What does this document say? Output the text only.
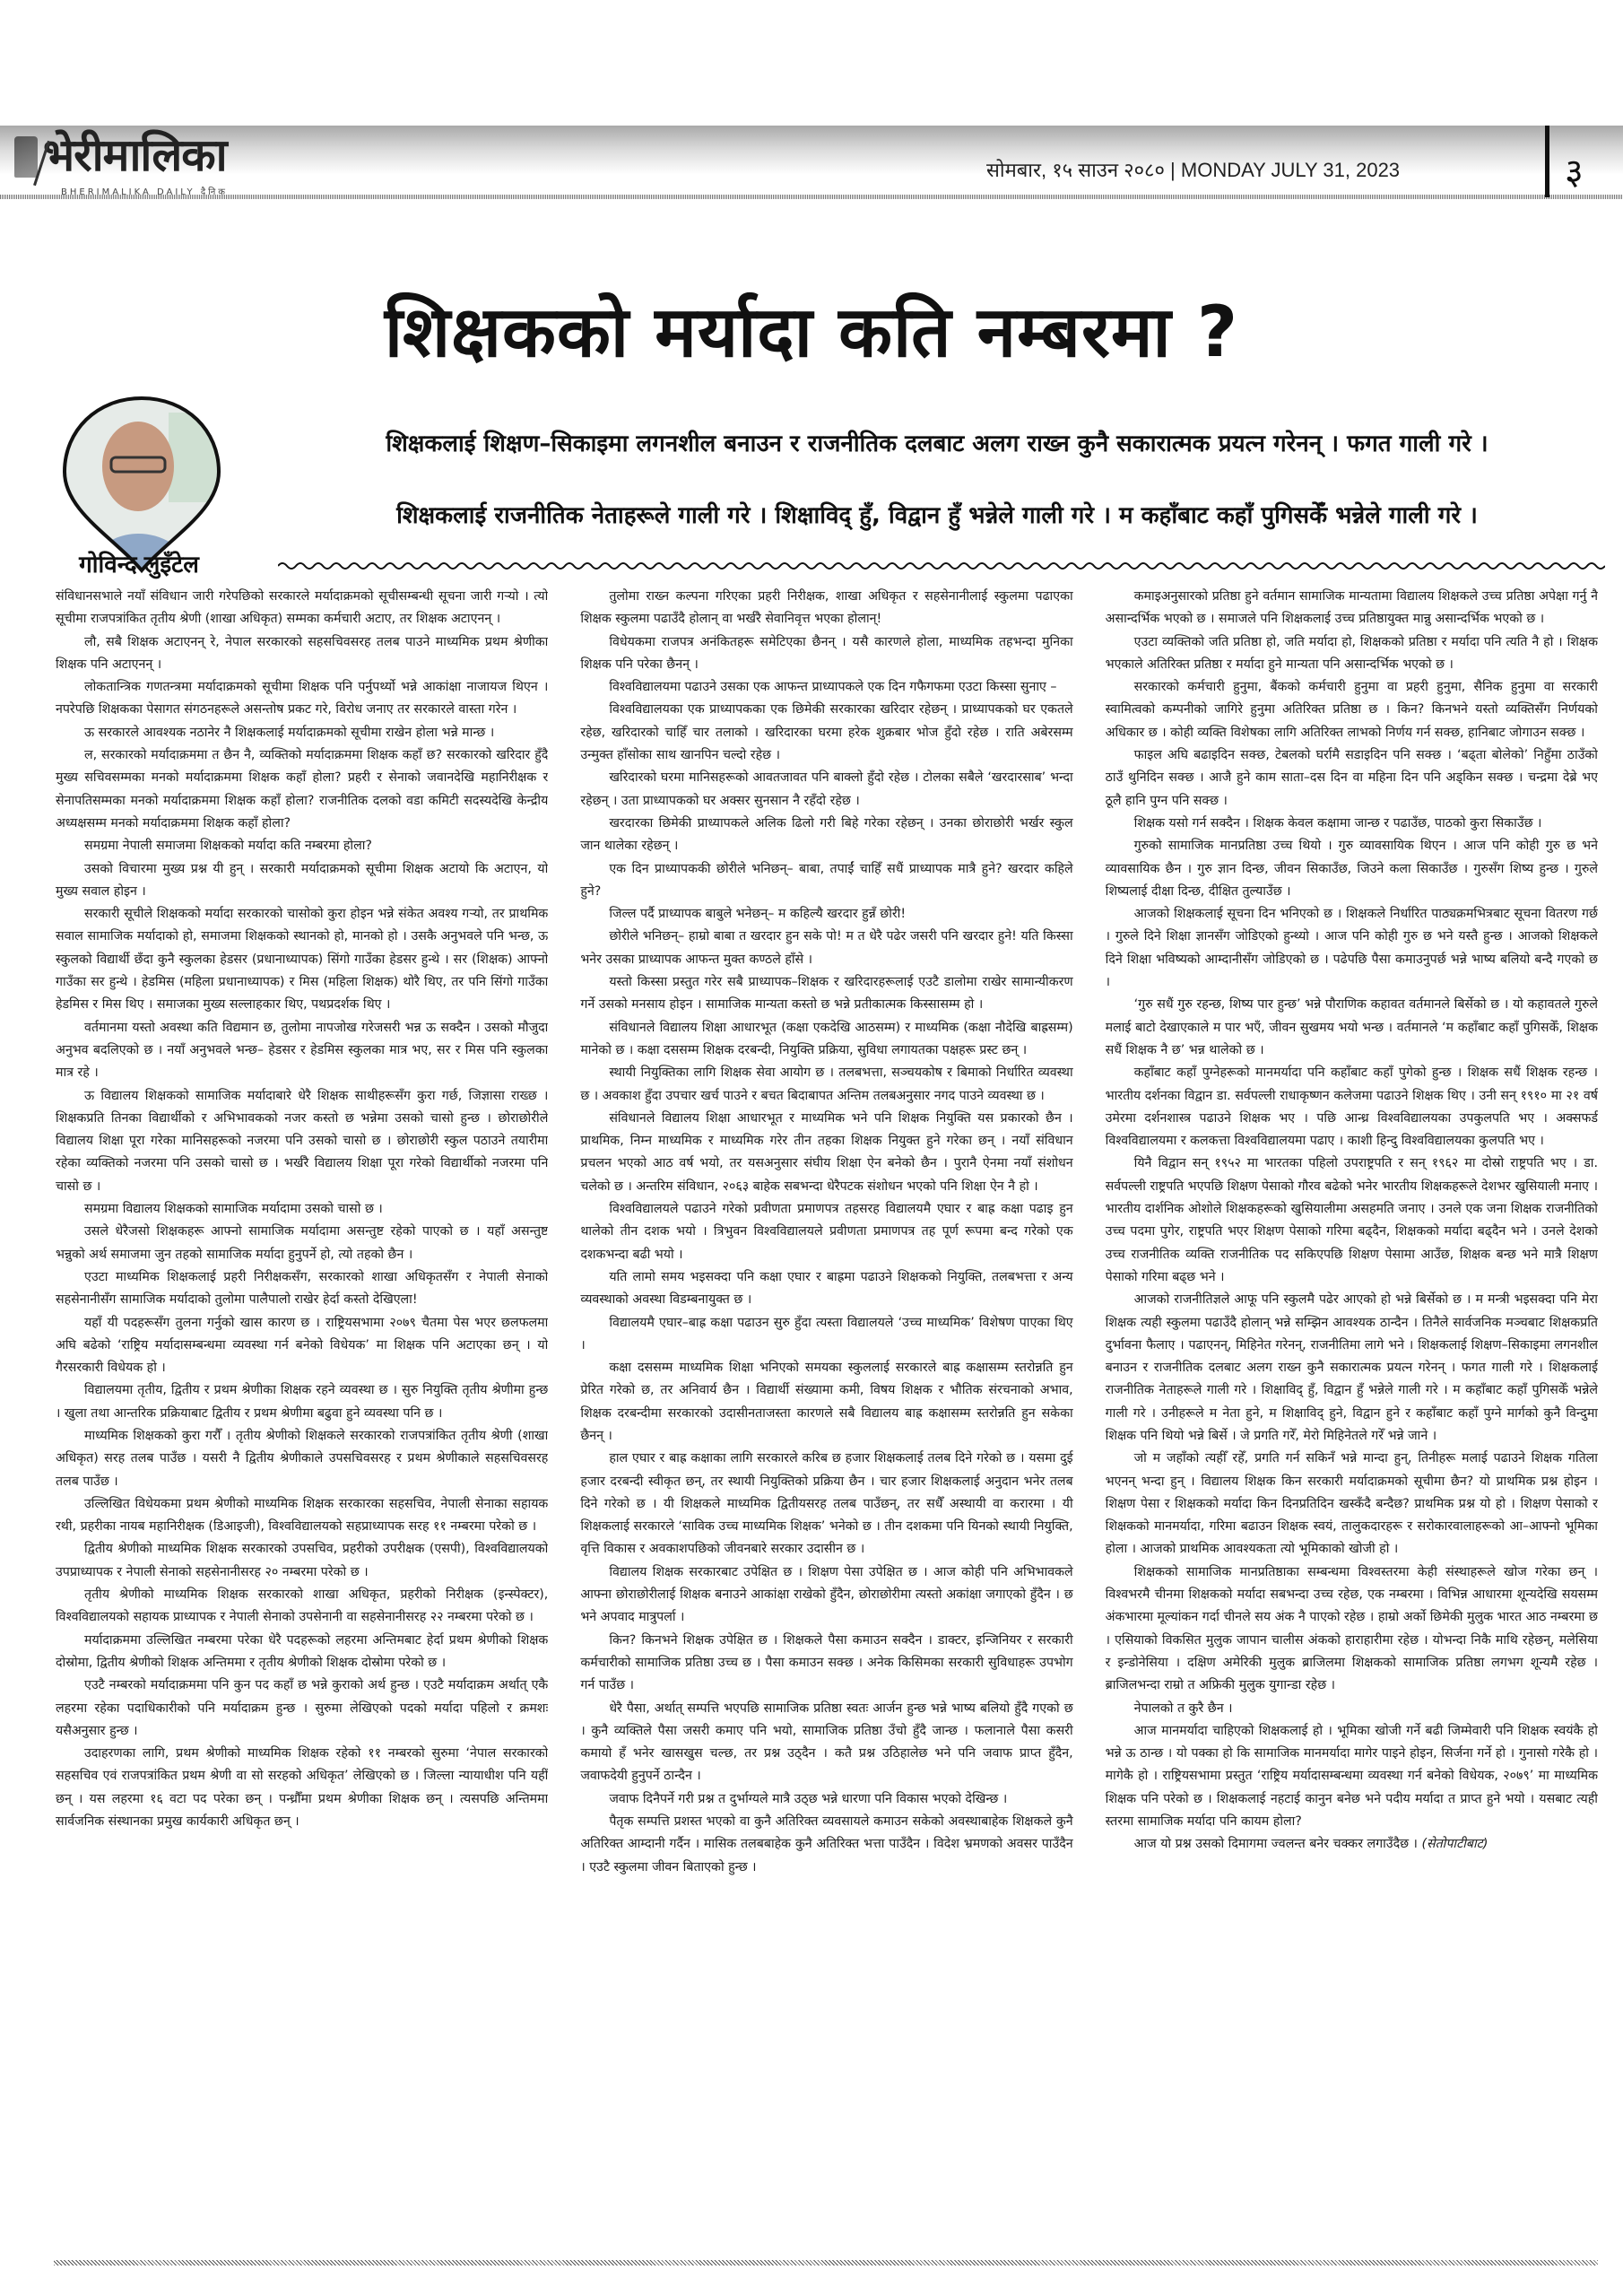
भेरीमालिका
BHERIMALIKA DAILY दैनिक
सोमबार, १५ साउन २०८० | MONDAY JULY 31, 2023	३
शिक्षकको मर्यादा कति नम्बरमा ?
गोविन्द लुइँटेल
शिक्षकलाई शिक्षण–सिकाइमा लगनशील बनाउन र राजनीतिक दलबाट अलग राख्न कुनै सकारात्मक प्रयत्न गरेनन् । फगत गाली गरे ।
शिक्षकलाई राजनीतिक नेताहरूले गाली गरे । शिक्षाविद् हुँ, विद्वान हुँ भन्नेले गाली गरे । म कहाँबाट कहाँ पुगिसकेँ भन्नेले गाली गरे ।

संविधानसभाले नयाँ संविधान जारी गरेपछिको सरकारले मर्यादाक्रमको सूचीसम्बन्धी सूचना जारी गर्‍यो । त्यो सूचीमा राजपत्रांकित तृतीय श्रेणी (शाखा अधिकृत) सम्मका कर्मचारी अटाए, तर शिक्षक अटाएनन् ।

लौ, सबै शिक्षक अटाएनन् रे, नेपाल सरकारको सहसचिवसरह तलब पाउने माध्यमिक प्रथम श्रेणीका शिक्षक पनि अटाएनन् ।

लोकतान्त्रिक गणतन्त्रमा मर्यादाक्रमको सूचीमा शिक्षक पनि पर्नुपर्थ्यो भन्ने आकांक्षा नाजायज थिएन । नपरेपछि शिक्षकका पेसागत संगठनहरूले असन्तोष प्रकट गरे, विरोध जनाए तर सरकारले वास्ता गरेन ।

ऊ सरकारले आवश्यक नठानेर नै शिक्षकलाई मर्यादाक्रमको सूचीमा राखेन होला भन्ने मान्छ ।

ल, सरकारको मर्यादाक्रममा त छैन नै, व्यक्तिको मर्यादाक्रममा शिक्षक कहाँ छ? सरकारको खरिदार हुँदै मुख्य सचिवसम्मका मनको मर्यादाक्रममा शिक्षक कहाँ होला? प्रहरी र सेनाको जवानदेखि महानिरीक्षक र सेनापतिसम्मका मनको मर्यादाक्रममा शिक्षक कहाँ होला? राजनीतिक दलको वडा कमिटी सदस्यदेखि केन्द्रीय अध्यक्षसम्म मनको मर्यादाक्रममा शिक्षक कहाँ होला?

समग्रमा नेपाली समाजमा शिक्षकको मर्यादा कति नम्बरमा होला?

उसको विचारमा मुख्य प्रश्न यी हुन् । सरकारी मर्यादाक्रमको सूचीमा शिक्षक अटायो कि अटाएन, यो मुख्य सवाल होइन ।

सरकारी सूचीले शिक्षकको मर्यादा सरकारको चासोको कुरा होइन भन्ने संकेत अवश्य गर्‍यो, तर प्राथमिक सवाल सामाजिक मर्यादाको हो, समाजमा शिक्षकको स्थानको हो, मानको हो । उसकै अनुभवले पनि भन्छ, ऊ स्कुलको विद्यार्थी छँदा कुनै स्कुलका हेडसर (प्रधानाध्यापक) सिंगो गाउँका हेडसर हुन्थे । सर (शिक्षक) आफ्नो गाउँका सर हुन्थे । हेडमिस (महिला प्रधानाध्यापक) र मिस (महिला शिक्षक) थोरै थिए, तर पनि सिंगो गाउँका हेडमिस र मिस थिए । समाजका मुख्य सल्लाहकार थिए, पथप्रदर्शक थिए ।

वर्तमानमा यस्तो अवस्था कति विद्यमान छ, तुलोमा नापजोख गरेजसरी भन्न ऊ सक्दैन । उसको मौजुदा अनुभव बदलिएको छ । नयाँ अनुभवले भन्छ– हेडसर र हेडमिस स्कुलका मात्र भए, सर र मिस पनि स्कुलका मात्र रहे ।

ऊ विद्यालय शिक्षकको सामाजिक मर्यादाबारे धेरै शिक्षक साथीहरूसँग कुरा गर्छ, जिज्ञासा राख्छ । शिक्षकप्रति तिनका विद्यार्थीको र अभिभावकको नजर कस्तो छ भन्नेमा उसको चासो हुन्छ । छोराछोरीले विद्यालय शिक्षा पूरा गरेका मानिसहरूको नजरमा पनि उसको चासो छ । छोराछोरी स्कुल पठाउने तयारीमा रहेका व्यक्तिको नजरमा पनि उसको चासो छ । भर्खरै विद्यालय शिक्षा पूरा गरेको विद्यार्थीको नजरमा पनि चासो छ ।

समग्रमा विद्यालय शिक्षकको सामाजिक मर्यादामा उसको चासो छ ।

उसले धेरैजसो शिक्षकहरू आफ्नो सामाजिक मर्यादामा असन्तुष्ट रहेको पाएको छ । यहाँ असन्तुष्ट भन्नुको अर्थ समाजमा जुन तहको सामाजिक मर्यादा हुनुपर्ने हो, त्यो तहको छैन ।

एउटा माध्यमिक शिक्षकलाई प्रहरी निरीक्षकसँग, सरकारको शाखा अधिकृतसँग र नेपाली सेनाको सहसेनानीसँग सामाजिक मर्यादाको तुलोमा पालैपालो राखेर हेर्दा कस्तो देखिएला!

यहाँ यी पदहरूसँग तुलना गर्नुको खास कारण छ । राष्ट्रियसभामा २०७९ चैतमा पेस भएर छलफलमा अघि बढेको ‘राष्ट्रिय मर्यादासम्बन्धमा व्यवस्था गर्न बनेको विधेयक’ मा शिक्षक पनि अटाएका छन् । यो गैरसरकारी विधेयक हो ।

विद्यालयमा तृतीय, द्वितीय र प्रथम श्रेणीका शिक्षक रहने व्यवस्था छ । सुरु नियुक्ति तृतीय श्रेणीमा हुन्छ । खुला तथा आन्तरिक प्रक्रियाबाट द्वितीय र प्रथम श्रेणीमा बढुवा हुने व्यवस्था पनि छ ।

माध्यमिक शिक्षकको कुरा गरौँ । तृतीय श्रेणीको शिक्षकले सरकारको राजपत्रांकित तृतीय श्रेणी (शाखा अधिकृत) सरह तलब पाउँछ । यसरी नै द्वितीय श्रेणीकाले उपसचिवसरह र प्रथम श्रेणीकाले सहसचिवसरह तलब पाउँछ ।

उल्लिखित विधेयकमा प्रथम श्रेणीको माध्यमिक शिक्षक सरकारका सहसचिव, नेपाली सेनाका सहायक रथी, प्रहरीका नायब महानिरीक्षक (डिआइजी), विश्वविद्यालयको सहप्राध्यापक सरह ११ नम्बरमा परेको छ ।

द्वितीय श्रेणीको माध्यमिक शिक्षक सरकारको उपसचिव, प्रहरीको उपरीक्षक (एसपी), विश्वविद्यालयको उपप्राध्यापक र नेपाली सेनाको सहसेनानीसरह २० नम्बरमा परेको छ ।

तृतीय श्रेणीको माध्यमिक शिक्षक सरकारको शाखा अधिकृत, प्रहरीको निरीक्षक (इन्स्पेक्टर), विश्वविद्यालयको सहायक प्राध्यापक र नेपाली सेनाको उपसेनानी वा सहसेनानीसरह २२ नम्बरमा परेको छ ।

मर्यादाक्रममा उल्लिखित नम्बरमा परेका धेरै पदहरूको लहरमा अन्तिमबाट हेर्दा प्रथम श्रेणीको शिक्षक दोस्रोमा, द्वितीय श्रेणीको शिक्षक अन्तिममा र तृतीय श्रेणीको शिक्षक दोस्रोमा परेको छ ।

एउटै नम्बरको मर्यादाक्रममा पनि कुन पद कहाँ छ भन्ने कुराको अर्थ हुन्छ । एउटै मर्यादाक्रम अर्थात् एकै लहरमा रहेका पदाधिकारीको पनि मर्यादाक्रम हुन्छ । सुरुमा लेखिएको पदको मर्यादा पहिलो र क्रमशः यसैअनुसार हुन्छ ।

उदाहरणका लागि, प्रथम श्रेणीको माध्यमिक शिक्षक रहेको ११ नम्बरको सुरुमा ‘नेपाल सरकारको सहसचिव एवं राजपत्रांकित प्रथम श्रेणी वा सो सरहको अधिकृत’ लेखिएको छ । जिल्ला न्यायाधीश पनि यहीँ छन् । यस लहरमा १६ वटा पद परेका छन् । पन्ध्रौँमा प्रथम श्रेणीका शिक्षक छन् । त्यसपछि अन्तिममा सार्वजनिक संस्थानका प्रमुख कार्यकारी अधिकृत छन् ।

तुलोमा राख्न कल्पना गरिएका प्रहरी निरीक्षक, शाखा अधिकृत र सहसेनानीलाई स्कुलमा पढाएका शिक्षक स्कुलमा पढाउँदै होलान् वा भर्खरै सेवानिवृत्त भएका होलान्!

विधेयकमा राजपत्र अनंकितहरू समेटिएका छैनन् । यसै कारणले होला, माध्यमिक तहभन्दा मुनिका शिक्षक पनि परेका छैनन् ।

विश्वविद्यालयमा पढाउने उसका एक आफन्त प्राध्यापकले एक दिन गफैगफमा एउटा किस्सा सुनाए –

विश्वविद्यालयका एक प्राध्यापकका एक छिमेकी सरकारका खरिदार रहेछन् । प्राध्यापकको घर एकतले रहेछ, खरिदारको चाहिँ चार तलाको । खरिदारका घरमा हरेक शुक्रबार भोज हुँदो रहेछ । राति अबेरसम्म उन्मुक्त हाँसोका साथ खानपिन चल्दो रहेछ ।

खरिदारको घरमा मानिसहरूको आवतजावत पनि बाक्लो हुँदो रहेछ । टोलका सबैले ‘खरदारसाब’ भन्दा रहेछन् । उता प्राध्यापकको घर अक्सर सुनसान नै रहँदो रहेछ ।

खरदारका छिमेकी प्राध्यापकले अलिक ढिलो गरी बिहे गरेका रहेछन् । उनका छोराछोरी भर्खर स्कुल जान थालेका रहेछन् ।

एक दिन प्राध्यापककी छोरीले भनिछन्– बाबा, तपाईं चाहिँ सधैं प्राध्यापक मात्रै हुने? खरदार कहिले हुने?

जिल्ल पर्दै प्राध्यापक बाबुले भनेछन्– म कहिल्यै खरदार हुन्नँ छोरी!

छोरीले भनिछन्– हाम्रो बाबा त खरदार हुन सके पो! म त धेरै पढेर जसरी पनि खरदार हुने! यति किस्सा भनेर उसका प्राध्यापक आफन्त मुक्त कण्ठले हाँसे ।

यस्तो किस्सा प्रस्तुत गरेर सबै प्राध्यापक–शिक्षक र खरिदारहरूलाई एउटै डालोमा राखेर सामान्यीकरण गर्ने उसको मनसाय होइन । सामाजिक मान्यता कस्तो छ भन्ने प्रतीकात्मक किस्सासम्म हो ।

संविधानले विद्यालय शिक्षा आधारभूत (कक्षा एकदेखि आठसम्म) र माध्यमिक (कक्षा नौदेखि बाह्रसम्म) मानेको छ । कक्षा दससम्म शिक्षक दरबन्दी, नियुक्ति प्रक्रिया, सुविधा लगायतका पक्षहरू प्रस्ट छन् ।

स्थायी नियुक्तिका लागि शिक्षक सेवा आयोग छ । तलबभत्ता, सञ्चयकोष र बिमाको निर्धारित व्यवस्था छ । अवकाश हुँदा उपचार खर्च पाउने र बचत बिदाबापत अन्तिम तलबअनुसार नगद पाउने व्यवस्था छ ।

संविधानले विद्यालय शिक्षा आधारभूत र माध्यमिक भने पनि शिक्षक नियुक्ति यस प्रकारको छैन । प्राथमिक, निम्न माध्यमिक र माध्यमिक गरेर तीन तहका शिक्षक नियुक्त हुने गरेका छन् । नयाँ संविधान प्रचलन भएको आठ वर्ष भयो, तर यसअनुसार संघीय शिक्षा ऐन बनेको छैन । पुरानै ऐनमा नयाँ संशोधन चलेको छ । अन्तरिम संविधान, २०६३ बाहेक सबभन्दा धेरैपटक संशोधन भएको पनि शिक्षा ऐन नै हो ।

विश्वविद्यालयले पढाउने गरेको प्रवीणता प्रमाणपत्र तहसरह विद्यालयमै एघार र बाह्र कक्षा पढाइ हुन थालेको तीन दशक भयो । त्रिभुवन विश्वविद्यालयले प्रवीणता प्रमाणपत्र तह पूर्ण रूपमा बन्द गरेको एक दशकभन्दा बढी भयो ।

यति लामो समय भइसक्दा पनि कक्षा एघार र बाह्रमा पढाउने शिक्षकको नियुक्ति, तलबभत्ता र अन्य व्यवस्थाको अवस्था विडम्बनायुक्त छ ।

विद्यालयमै एघार–बाह्र कक्षा पढाउन सुरु हुँदा त्यस्ता विद्यालयले ‘उच्च माध्यमिक’ विशेषण पाएका थिए ।

कक्षा दससम्म माध्यमिक शिक्षा भनिएको समयका स्कुललाई सरकारले बाह्र कक्षासम्म स्तरोन्नति हुन प्रेरित गरेको छ, तर अनिवार्य छैन । विद्यार्थी संख्यामा कमी, विषय शिक्षक र भौतिक संरचनाको अभाव, शिक्षक दरबन्दीमा सरकारको उदासीनताजस्ता कारणले सबै विद्यालय बाह्र कक्षासम्म स्तरोन्नति हुन सकेका छैनन् ।

हाल एघार र बाह्र कक्षाका लागि सरकारले करिब छ हजार शिक्षकलाई तलब दिने गरेको छ । यसमा दुई हजार दरबन्दी स्वीकृत छन्, तर स्थायी नियुक्तिको प्रक्रिया छैन । चार हजार शिक्षकलाई अनुदान भनेर तलब दिने गरेको छ । यी शिक्षकले माध्यमिक द्वितीयसरह तलब पाउँछन्, तर सधैँ अस्थायी वा करारमा । यी शिक्षकलाई सरकारले ‘साविक उच्च माध्यमिक शिक्षक’ भनेको छ । तीन दशकमा पनि यिनको स्थायी नियुक्ति, वृत्ति विकास र अवकाशपछिको जीवनबारे सरकार उदासीन छ ।

विद्यालय शिक्षक सरकारबाट उपेक्षित छ । शिक्षण पेसा उपेक्षित छ । आज कोही पनि अभिभावकले आफ्ना छोराछोरीलाई शिक्षक बनाउने आकांक्षा राखेको हुँदैन, छोराछोरीमा त्यस्तो अकांक्षा जगाएको हुँदैन । छ भने अपवाद मात्रुपर्ला ।

किन? किनभने शिक्षक उपेक्षित छ । शिक्षकले पैसा कमाउन सक्दैन । डाक्टर, इन्जिनियर र सरकारी कर्मचारीको सामाजिक प्रतिष्ठा उच्च छ । पैसा कमाउन सक्छ । अनेक किसिमका सरकारी सुविधाहरू उपभोग गर्न पाउँछ ।

धेरै पैसा, अर्थात् सम्पत्ति भएपछि सामाजिक प्रतिष्ठा स्वतः आर्जन हुन्छ भन्ने भाष्य बलियो हुँदै गएको छ । कुनै व्यक्तिले पैसा जसरी कमाए पनि भयो, सामाजिक प्रतिष्ठा उँचो हुँदै जान्छ । फलानाले पैसा कसरी कमायो हँ भनेर खासखुस चल्छ, तर प्रश्न उठ्दैन । कतै प्रश्न उठिहालेछ भने पनि जवाफ प्राप्त हुँदैन, जवाफदेयी हुनुपर्ने ठान्दैन ।

जवाफ दिनैपर्ने गरी प्रश्न त दुर्भाग्यले मात्रै उठ्छ भन्ने धारणा पनि विकास भएको देखिन्छ ।

पैतृक सम्पत्ति प्रशस्त भएको वा कुनै अतिरिक्त व्यवसायले कमाउन सकेको अवस्थाबाहेक शिक्षकले कुनै अतिरिक्त आम्दानी गर्दैन । मासिक तलबबाहेक कुनै अतिरिक्त भत्ता पाउँदैन । विदेश भ्रमणको अवसर पाउँदैन । एउटै स्कुलमा जीवन बिताएको हुन्छ ।

कमाइअनुसारको प्रतिष्ठा हुने वर्तमान सामाजिक मान्यतामा विद्यालय शिक्षकले उच्च प्रतिष्ठा अपेक्षा गर्नु नै असान्दर्भिक भएको छ । समाजले पनि शिक्षकलाई उच्च प्रतिष्ठायुक्त मान्नु असान्दर्भिक भएको छ ।

एउटा व्यक्तिको जति प्रतिष्ठा हो, जति मर्यादा हो, शिक्षकको प्रतिष्ठा र मर्यादा पनि त्यति नै हो । शिक्षक भएकाले अतिरिक्त प्रतिष्ठा र मर्यादा हुने मान्यता पनि असान्दर्भिक भएको छ ।

सरकारको कर्मचारी हुनुमा, बैंकको कर्मचारी हुनुमा वा प्रहरी हुनुमा, सैनिक हुनुमा वा सरकारी स्वामित्वको कम्पनीको जागिरे हुनुमा अतिरिक्त प्रतिष्ठा छ । किन? किनभने यस्तो व्यक्तिसँग निर्णयको अधिकार छ । कोही व्यक्ति विशेषका लागि अतिरिक्त लाभको निर्णय गर्न सक्छ, हानिबाट जोगाउन सक्छ ।

फाइल अघि बढाइदिन सक्छ, टेबलको घर्रामै सडाइदिन पनि सक्छ । ‘बढ्ता बोलेको’ निहुँमा ठाउँको ठाउँ थुनिदिन सक्छ । आजै हुने काम साता–दस दिन वा महिना दिन पनि अड्किन सक्छ । चन्द्रमा देब्रे भए ठूलै हानि पुग्न पनि सक्छ ।

शिक्षक यसो गर्न सक्दैन । शिक्षक केवल कक्षामा जान्छ र पढाउँछ, पाठको कुरा सिकाउँछ ।

गुरुको सामाजिक मानप्रतिष्ठा उच्च थियो । गुरु व्यावसायिक थिएन । आज पनि कोही गुरु छ भने व्यावसायिक छैन । गुरु ज्ञान दिन्छ, जीवन सिकाउँछ, जिउने कला सिकाउँछ । गुरुसँग शिष्य हुन्छ । गुरुले शिष्यलाई दीक्षा दिन्छ, दीक्षित तुल्याउँछ ।

आजको शिक्षकलाई सूचना दिन भनिएको छ । शिक्षकले निर्धारित पाठ्यक्रमभित्रबाट सूचना वितरण गर्छ । गुरुले दिने शिक्षा ज्ञानसँग जोडिएको हुन्थ्यो । आज पनि कोही गुरु छ भने यस्तै हुन्छ । आजको शिक्षकले दिने शिक्षा भविष्यको आम्दानीसँग जोडिएको छ । पढेपछि पैसा कमाउनुपर्छ भन्ने भाष्य बलियो बन्दै गएको छ ।

‘गुरु सधैं गुरु रहन्छ, शिष्य पार हुन्छ’ भन्ने पौराणिक कहावत वर्तमानले बिर्सेको छ । यो कहावतले गुरुले मलाई बाटो देखाएकाले म पार भएँ, जीवन सुखमय भयो भन्छ । वर्तमानले ‘म कहाँबाट कहाँ पुगिसकेँ, शिक्षक सधैं शिक्षक नै छ’ भन्न थालेको छ ।

कहाँबाट कहाँ पुग्नेहरूको मानमर्यादा पनि कहाँबाट कहाँ पुगेको हुन्छ । शिक्षक सधैं शिक्षक रहन्छ । भारतीय दर्शनका विद्वान डा. सर्वपल्ली राधाकृष्णन कलेजमा पढाउने शिक्षक थिए । उनी सन् १९१० मा २१ वर्ष उमेरमा दर्शनशास्त्र पढाउने शिक्षक भए । पछि आन्ध्र विश्वविद्यालयका उपकुलपति भए । अक्सफर्ड विश्वविद्यालयमा र कलकत्ता विश्वविद्यालयमा पढाए । काशी हिन्दु विश्वविद्यालयका कुलपति भए ।

यिनै विद्वान सन् १९५२ मा भारतका पहिलो उपराष्ट्रपति र सन् १९६२ मा दोस्रो राष्ट्रपति भए । डा. सर्वपल्ली राष्ट्रपति भएपछि शिक्षण पेसाको गौरव बढेको भनेर भारतीय शिक्षकहरूले देशभर खुसियाली मनाए । भारतीय दार्शनिक ओशोले शिक्षकहरूको खुसियालीमा असहमति जनाए । उनले एक जना शिक्षक राजनीतिको उच्च पदमा पुगेर, राष्ट्रपति भएर शिक्षण पेसाको गरिमा बढ्दैन, शिक्षकको मर्यादा बढ्दैन भने । उनले देशको उच्च राजनीतिक व्यक्ति राजनीतिक पद सकिएपछि शिक्षण पेसामा आउँछ, शिक्षक बन्छ भने मात्रै शिक्षण पेसाको गरिमा बढ्छ भने ।

आजको राजनीतिज्ञले आफू पनि स्कुलमै पढेर आएको हो भन्ने बिर्सेको छ । म मन्त्री भइसक्दा पनि मेरा शिक्षक त्यही स्कुलमा पढाउँदै होलान् भन्ने सम्झिन आवश्यक ठान्दैन । तिनैले सार्वजनिक मञ्चबाट शिक्षकप्रति दुर्भावना फैलाए । पढाएनन्, मिहिनेत गरेनन्, राजनीतिमा लागे भने । शिक्षकलाई शिक्षण–सिकाइमा लगनशील बनाउन र राजनीतिक दलबाट अलग राख्न कुनै सकारात्मक प्रयत्न गरेनन् । फगत गाली गरे । शिक्षकलाई राजनीतिक नेताहरूले गाली गरे । शिक्षाविद् हुँ, विद्वान हुँ भन्नेले गाली गरे । म कहाँबाट कहाँ पुगिसकेँ भन्नेले गाली गरे । उनीहरूले म नेता हुने, म शिक्षाविद् हुने, विद्वान हुने र कहाँबाट कहाँ पुग्ने मार्गको कुनै विन्दुमा शिक्षक पनि थियो भन्ने बिर्से । जे प्रगति गरेँ, मेरो मिहिनेतले गरेँ भन्ने जाने ।

जो म जहाँको त्यहीँ रहेँ, प्रगति गर्न सकिनँ भन्ने मान्दा हुन्, तिनीहरू मलाई पढाउने शिक्षक गतिला भएनन् भन्दा हुन् । विद्यालय शिक्षक किन सरकारी मर्यादाक्रमको सूचीमा छैन? यो प्राथमिक प्रश्न होइन । शिक्षण पेसा र शिक्षकको मर्यादा किन दिनप्रतिदिन खस्कँदै बन्दैछ? प्राथमिक प्रश्न यो हो । शिक्षण पेसाको र शिक्षकको मानमर्यादा, गरिमा बढाउन शिक्षक स्वयं, तालुकदारहरू र सरोकारवालाहरूको आ–आफ्नो भूमिका होला । आजको प्राथमिक आवश्यकता त्यो भूमिकाको खोजी हो ।

शिक्षकको सामाजिक मानप्रतिष्ठाका सम्बन्धमा विश्वस्तरमा केही संस्थाहरूले खोज गरेका छन् । विश्वभरमै चीनमा शिक्षकको मर्यादा सबभन्दा उच्च रहेछ, एक नम्बरमा । विभिन्न आधारमा शून्यदेखि सयसम्म अंकभारमा मूल्यांकन गर्दा चीनले सय अंक नै पाएको रहेछ । हाम्रो अर्को छिमेकी मुलुक भारत आठ नम्बरमा छ । एसियाको विकसित मुलुक जापान चालीस अंकको हाराहारीमा रहेछ । योभन्दा निकै माथि रहेछन्, मलेसिया र इन्डोनेसिया । दक्षिण अमेरिकी मुलुक ब्राजिलमा शिक्षकको सामाजिक प्रतिष्ठा लगभग शून्यमै रहेछ । ब्राजिलभन्दा राम्रो त अफ्रिकी मुलुक युगान्डा रहेछ ।

नेपालको त कुरै छैन ।

आज मानमर्यादा चाहिएको शिक्षकलाई हो । भूमिका खोजी गर्ने बढी जिम्मेवारी पनि शिक्षक स्वयंकै हो भन्ने ऊ ठान्छ । यो पक्का हो कि सामाजिक मानमर्यादा मागेर पाइने होइन, सिर्जना गर्ने हो । गुनासो गरेकै हो । मागेकै हो । राष्ट्रियसभामा प्रस्तुत ‘राष्ट्रिय मर्यादासम्बन्धमा व्यवस्था गर्न बनेको विधेयक, २०७९’ मा माध्यमिक शिक्षक पनि परेको छ । शिक्षकलाई नहटाई कानुन बनेछ भने पदीय मर्यादा त प्राप्त हुने भयो । यसबाट त्यही स्तरमा सामाजिक मर्यादा पनि कायम होला?

आज यो प्रश्न उसको दिमागमा ज्वलन्त बनेर चक्कर लगाउँदैछ । (सेतोपाटीबाट)
